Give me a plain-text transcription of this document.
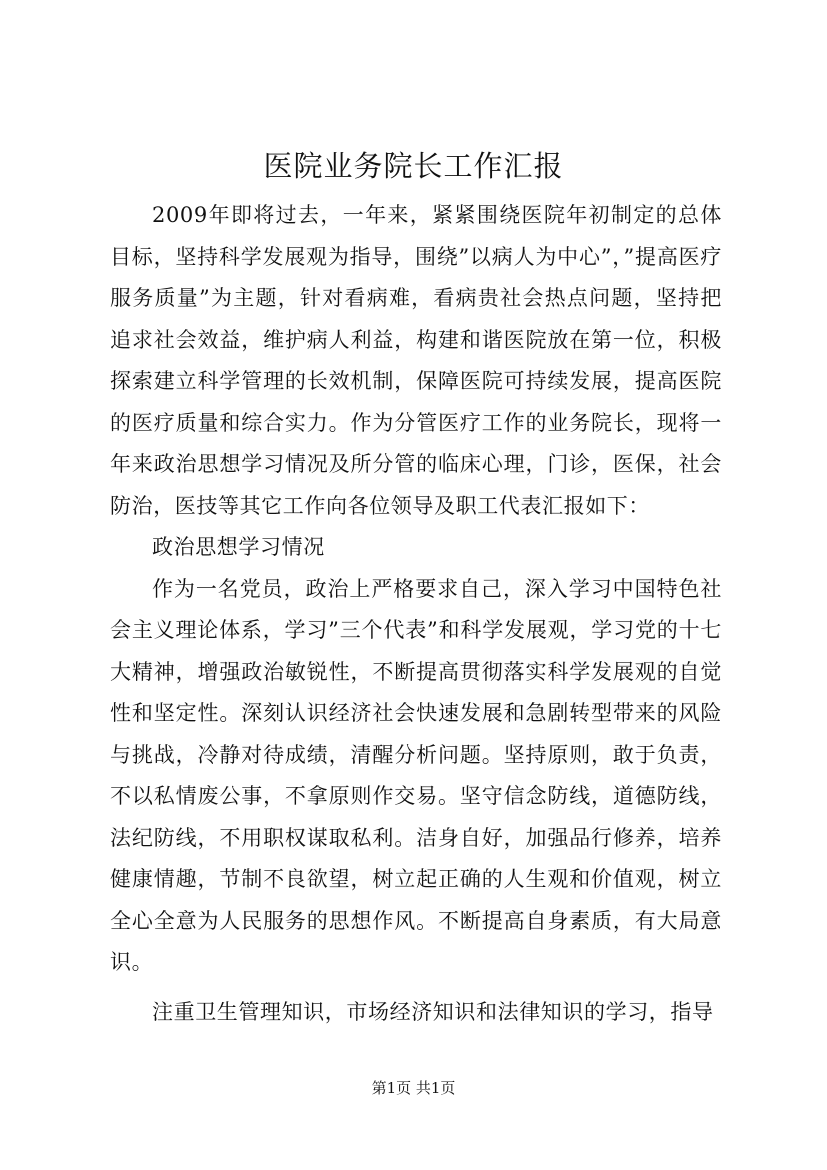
医院业务院长工作汇报

2009年即将过去，一年来，紧紧围绕医院年初制定的总体目标，坚持科学发展观为指导，围绕”以病人为中心”，”提高医疗服务质量”为主题，针对看病难，看病贵社会热点问题，坚持把追求社会效益，维护病人利益，构建和谐医院放在第一位，积极探索建立科学管理的长效机制，保障医院可持续发展，提高医院的医疗质量和综合实力。作为分管医疗工作的业务院长，现将一年来政治思想学习情况及所分管的临床心理，门诊，医保，社会防治，医技等其它工作向各位领导及职工代表汇报如下：

政治思想学习情况

作为一名党员，政治上严格要求自己，深入学习中国特色社会主义理论体系，学习”三个代表”和科学发展观，学习党的十七大精神，增强政治敏锐性，不断提高贯彻落实科学发展观的自觉性和坚定性。深刻认识经济社会快速发展和急剧转型带来的风险与挑战，冷静对待成绩，清醒分析问题。坚持原则，敢于负责，不以私情废公事，不拿原则作交易。坚守信念防线，道德防线，法纪防线，不用职权谋取私利。洁身自好，加强品行修养，培养健康情趣，节制不良欲望，树立起正确的人生观和价值观，树立全心全意为人民服务的思想作风。不断提高自身素质，有大局意识。

注重卫生管理知识，市场经济知识和法律知识的学习，指导

第1页 共1页
